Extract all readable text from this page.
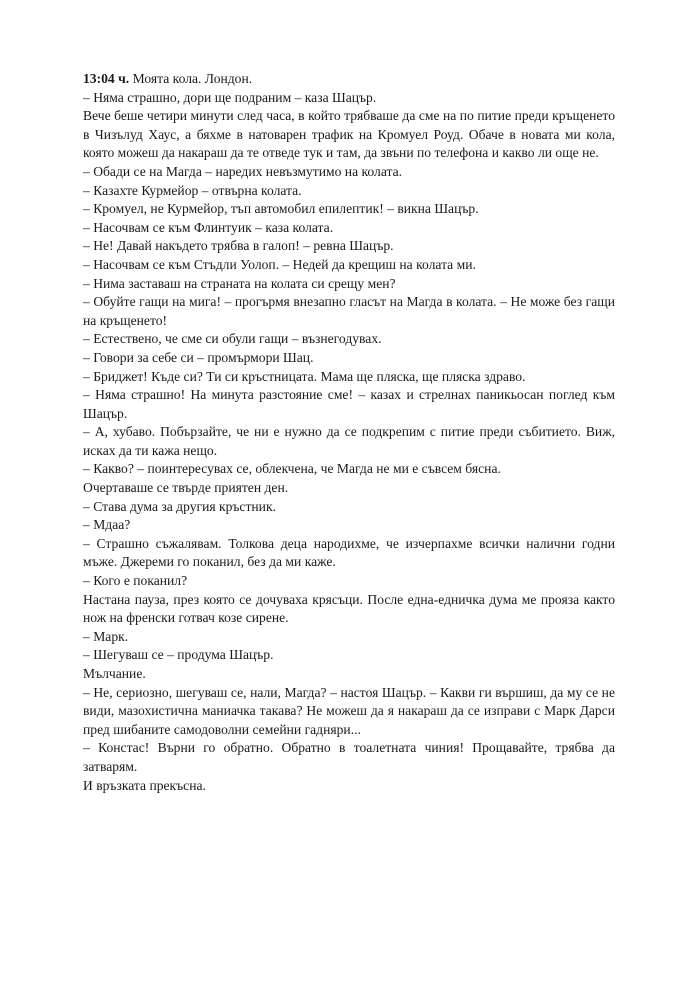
13:04 ч. Моята кола. Лондон.

– Няма страшно, дори ще подраним – каза Шацър.

Вече беше четири минути след часа, в който трябваше да сме на по питие преди кръщенето в Чизълуд Хаус, а бяхме в натоварен трафик на Кромуел Роуд. Обаче в новата ми кола, която можеш да накараш да те отведе тук и там, да звъни по телефона и какво ли още не.

– Обади се на Магда – наредих невъзмутимо на колата.

– Казахте Курмейор – отвърна колата.

– Кромуел, не Курмейор, тъп автомобил епилептик! – викна Шацър.

– Насочвам се към Флинтуик – каза колата.

– Не! Давай накъдето трябва в галоп! – ревна Шацър.

– Насочвам се към Стъдли Уолоп. – Недей да крещиш на колата ми.

– Нима заставаш на страната на колата си срещу мен?

– Обуйте гащи на мига! – прогърмя внезапно гласът на Магда в колата. – Не може без гащи на кръщенето!

– Естествено, че сме си обули гащи – възнегодувах.

– Говори за себе си – промърмори Шац.

– Бриджет! Къде си? Ти си кръстницата. Мама ще пляска, ще пляска здраво.

– Няма страшно! На минута разстояние сме! – казах и стрелнах паникьосан поглед към Шацър.

– А, хубаво. Побързайте, че ни е нужно да се подкрепим с питие преди събитието. Виж, исках да ти кажа нещо.

– Какво? – поинтересувах се, облекчена, че Магда не ми е съвсем бясна.

Очертаваше се твърде приятен ден.

– Става дума за другия кръстник.

– Мдаа?

– Страшно съжалявам. Толкова деца народихме, че изчерпахме всички налични годни мъже. Джереми го поканил, без да ми каже.

– Кого е поканил?

Настана пауза, през която се дочуваха крясъци. После една-едничка дума ме прояза както нож на френски готвач козе сирене.

– Марк.

– Шегуваш се – продума Шацър.

Мълчание.

– Не, сериозно, шегуваш се, нали, Магда? – настоя Шацър. – Какви ги вършиш, да му се не види, мазохистична маниачка такава? Не можеш да я накараш да се изправи с Марк Дарси пред шибаните самодоволни семейни гадняри...

– Констас! Върни го обратно. Обратно в тоалетната чиния! Прощавайте, трябва да затварям.

И връзката прекъсна.
